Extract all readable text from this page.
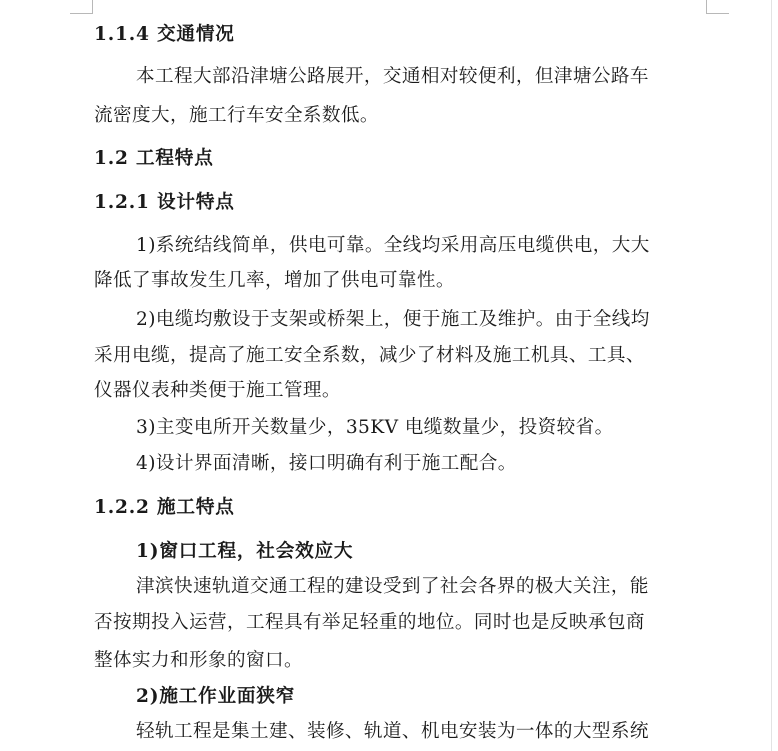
1.1.4 交通情况
本工程大部沿津塘公路展开，交通相对较便利，但津塘公路车
流密度大，施工行车安全系数低。
1.2 工程特点
1.2.1 设计特点
1)系统结线简单，供电可靠。全线均采用高压电缆供电，大大
降低了事故发生几率，增加了供电可靠性。
2)电缆均敷设于支架或桥架上，便于施工及维护。由于全线均
采用电缆，提高了施工安全系数，减少了材料及施工机具、工具、
仪器仪表种类便于施工管理。
3)主变电所开关数量少，35KV 电缆数量少，投资较省。
4)设计界面清晰，接口明确有利于施工配合。
1.2.2 施工特点
1)窗口工程，社会效应大
津滨快速轨道交通工程的建设受到了社会各界的极大关注，能
否按期投入运营，工程具有举足轻重的地位。同时也是反映承包商
整体实力和形象的窗口。
2)施工作业面狭窄
轻轨工程是集土建、装修、轨道、机电安装为一体的大型系统
